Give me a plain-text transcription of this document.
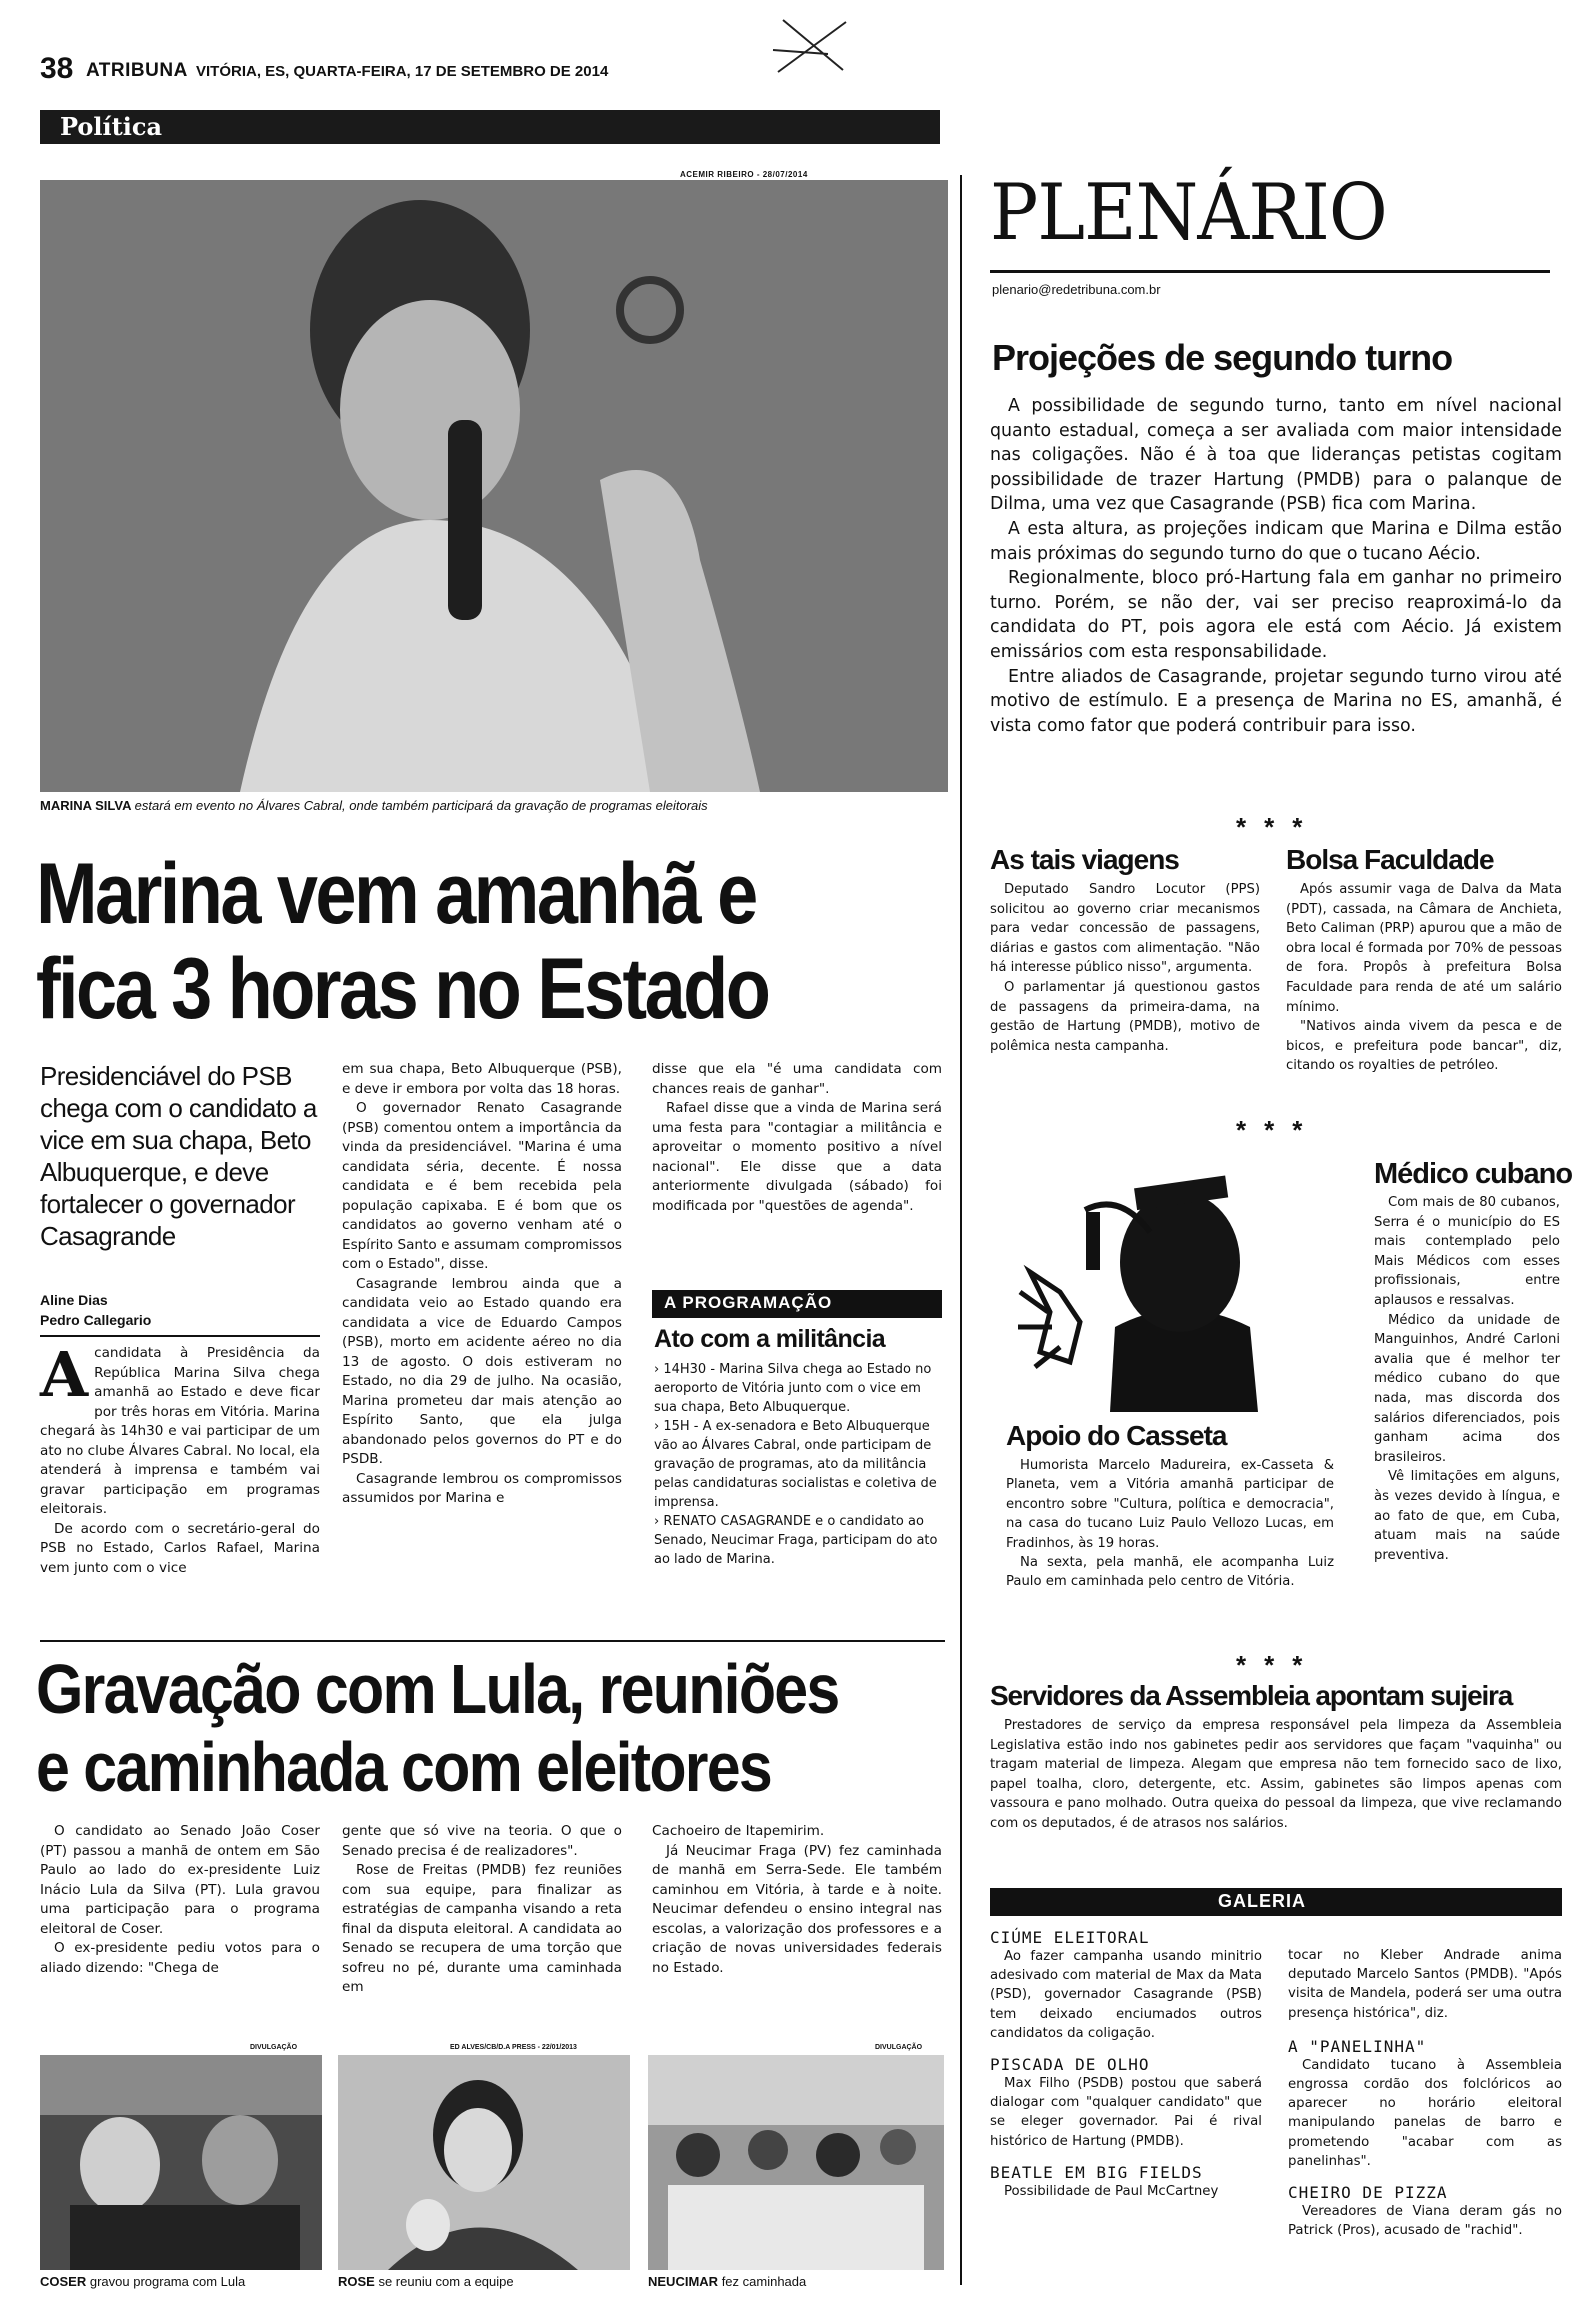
38 ATRIBUNA VITÓRIA, ES, QUARTA-FEIRA, 17 DE SETEMBRO DE 2014
Política
ACEMIR RIBEIRO - 28/07/2014
MARINA SILVA estará em evento no Álvares Cabral, onde também participará da gravação de programas eleitorais
Marina vem amanhã e
fica 3 horas no Estado
Presidenciável do PSB chega com o candidato a vice em sua chapa, Beto Albuquerque, e deve fortalecer o governador Casagrande
Aline Dias
Pedro Callegario
A candidata à Presidência da República Marina Silva chega amanhã ao Estado e deve ficar por três horas em Vitória. Marina chegará às 14h30 e vai participar de um ato no clube Álvares Cabral. No local, ela atenderá à imprensa e também vai gravar participação em programas eleitorais.

De acordo com o secretário-geral do PSB no Estado, Carlos Rafael, Marina vem junto com o vice

em sua chapa, Beto Albuquerque (PSB), e deve ir embora por volta das 18 horas.

O governador Renato Casagrande (PSB) comentou ontem a importância da vinda da presidenciável. "Marina é uma candidata séria, decente. É nossa candidata e é bem recebida pela população capixaba. E é bom que os candidatos ao governo venham até o Espírito Santo e assumam compromissos com o Estado", disse.

Casagrande lembrou ainda que a candidata veio ao Estado quando era candidata a vice de Eduardo Campos (PSB), morto em acidente aéreo no dia 13 de agosto. O dois estiveram no Estado, no dia 29 de julho. Na ocasião, Marina prometeu dar mais atenção ao Espírito Santo, que ela julga abandonado pelos governos do PT e do PSDB.

Casagrande lembrou os compromissos assumidos por Marina e

disse que ela "é uma candidata com chances reais de ganhar".

Rafael disse que a vinda de Marina será uma festa para "contagiar a militância e aproveitar o momento positivo a nível nacional". Ele disse que a data anteriormente divulgada (sábado) foi modificada por "questões de agenda".

A PROGRAMAÇÃO
Ato com a militância

› 14H30 - Marina Silva chega ao Estado no aeroporto de Vitória junto com o vice em sua chapa, Beto Albuquerque.

› 15H - A ex-senadora e Beto Albuquerque vão ao Álvares Cabral, onde participam de gravação de programas, ato da militância pelas candidaturas socialistas e coletiva de imprensa.

› RENATO CASAGRANDE e o candidato ao Senado, Neucimar Fraga, participam do ato ao lado de Marina.

Gravação com Lula, reuniões
e caminhada com eleitores

O candidato ao Senado João Coser (PT) passou a manhã de ontem em São Paulo ao lado do ex-presidente Luiz Inácio Lula da Silva (PT). Lula gravou uma participação para o programa eleitoral de Coser.

O ex-presidente pediu votos para o aliado dizendo: "Chega de

gente que só vive na teoria. O que o Senado precisa é de realizadores".

Rose de Freitas (PMDB) fez reuniões com sua equipe, para finalizar as estratégias de campanha visando a reta final da disputa eleitoral. A candidata ao Senado se recupera de uma torção que sofreu no pé, durante uma caminhada em

Cachoeiro de Itapemirim.

Já Neucimar Fraga (PV) fez caminhada de manhã em Serra-Sede. Ele também caminhou em Vitória, à tarde e à noite. Neucimar defendeu o ensino integral nas escolas, a valorização dos professores e a criação de novas universidades federais no Estado.

DIVULGAÇÃO
COSER gravou programa com Lula
ED ALVES/CB/D.A PRESS - 22/01/2013
ROSE se reuniu com a equipe
DIVULGAÇÃO
NEUCIMAR fez caminhada
PLENÁRIO
plenario@redetribuna.com.br
Projeções de segundo turno

A possibilidade de segundo turno, tanto em nível nacional quanto estadual, começa a ser avaliada com maior intensidade nas coligações. Não é à toa que lideranças petistas cogitam possibilidade de trazer Hartung (PMDB) para o palanque de Dilma, uma vez que Casagrande (PSB) fica com Marina.

A esta altura, as projeções indicam que Marina e Dilma estão mais próximas do segundo turno do que o tucano Aécio.

Regionalmente, bloco pró-Hartung fala em ganhar no primeiro turno. Porém, se não der, vai ser preciso reaproximá-lo da candidata do PT, pois agora ele está com Aécio. Já existem emissários com esta responsabilidade.

Entre aliados de Casagrande, projetar segundo turno virou até motivo de estímulo. E a presença de Marina no ES, amanhã, é vista como fator que poderá contribuir para isso.

***
As tais viagens

Deputado Sandro Locutor (PPS) solicitou ao governo criar mecanismos para vedar concessão de passagens, diárias e gastos com alimentação. "Não há interesse público nisso", argumenta.

O parlamentar já questionou gastos de passagens da primeira-dama, na gestão de Hartung (PMDB), motivo de polêmica nesta campanha.

Bolsa Faculdade

Após assumir vaga de Dalva da Mata (PDT), cassada, na Câmara de Anchieta, Beto Caliman (PRP) apurou que a mão de obra local é formada por 70% de pessoas de fora. Propôs à prefeitura Bolsa Faculdade para renda de até um salário mínimo.

"Nativos ainda vivem da pesca e de bicos, e prefeitura pode bancar", diz, citando os royalties de petróleo.

***
Apoio do Casseta

Humorista Marcelo Madureira, ex-Casseta & Planeta, vem a Vitória amanhã participar de encontro sobre "Cultura, política e democracia", na casa do tucano Luiz Paulo Vellozo Lucas, em Fradinhos, às 19 horas.

Na sexta, pela manhã, ele acompanha Luiz Paulo em caminhada pelo centro de Vitória.

Médico cubano

Com mais de 80 cubanos, Serra é o município do ES mais contemplado pelo Mais Médicos com esses profissionais, entre aplausos e ressalvas.

Médico da unidade de Manguinhos, André Carloni avalia que é melhor ter médico cubano do que nada, mas discorda dos salários diferenciados, pois ganham acima dos brasileiros.

Vê limitações em alguns, às vezes devido à língua, e ao fato de que, em Cuba, atuam mais na saúde preventiva.

***
Servidores da Assembleia apontam sujeira

Prestadores de serviço da empresa responsável pela limpeza da Assembleia Legislativa estão indo nos gabinetes pedir aos servidores que façam "vaquinha" ou tragam material de limpeza. Alegam que empresa não tem fornecido saco de lixo, papel toalha, cloro, detergente, etc. Assim, gabinetes são limpos apenas com vassoura e pano molhado. Outra queixa do pessoal da limpeza, que vive reclamando com os deputados, é de atrasos nos salários.

GALERIA
CIÚME ELEITORAL
Ao fazer campanha usando minitrio adesivado com material de Max da Mata (PSD), governador Casagrande (PSB) tem deixado enciumados outros candidatos da coligação.
PISCADA DE OLHO
Max Filho (PSDB) postou que saberá dialogar com "qualquer candidato" que se eleger governador. Pai é rival histórico de Hartung (PMDB).
BEATLE EM BIG FIELDS
Possibilidade de Paul McCartney
tocar no Kleber Andrade anima deputado Marcelo Santos (PMDB). "Após visita de Mandela, poderá ser uma outra presença histórica", diz.
A "PANELINHA"
Candidato tucano à Assembleia engrossa cordão dos folclóricos ao aparecer no horário eleitoral manipulando panelas de barro e prometendo "acabar com as panelinhas".
CHEIRO DE PIZZA
Vereadores de Viana deram gás no Patrick (Pros), acusado de "rachid".
